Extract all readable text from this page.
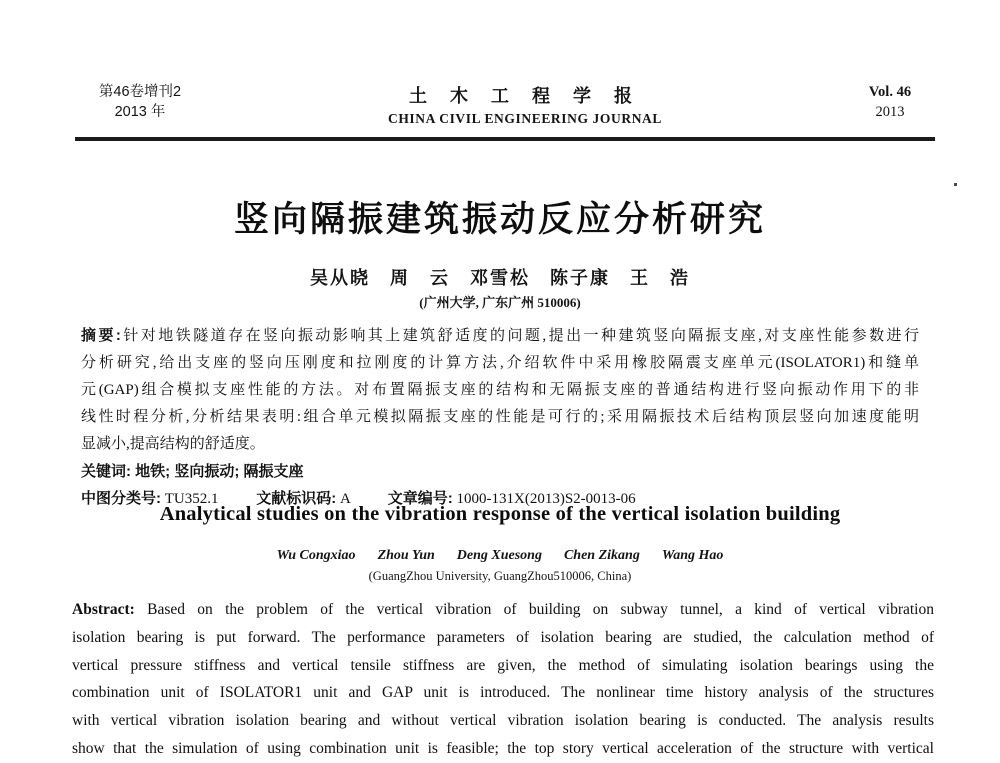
第46卷增刊2
2013 年
土 木 工 程 学 报
CHINA CIVIL ENGINEERING JOURNAL
Vol. 46
2013
竖向隔振建筑振动反应分析研究
吴从晓　周　云　邓雪松　陈子康　王　浩
(广州大学, 广东广州 510006)
摘要:针对地铁隧道存在竖向振动影响其上建筑舒适度的问题,提出一种建筑竖向隔振支座,对支座性能参数进行
分析研究,给出支座的竖向压刚度和拉刚度的计算方法,介绍软件中采用橡胶隔震支座单元(ISOLATOR1)和缝单
元(GAP)组合模拟支座性能的方法。对布置隔振支座的结构和无隔振支座的普通结构进行竖向振动作用下的非
线性时程分析,分析结果表明:组合单元模拟隔振支座的性能是可行的;采用隔振技术后结构顶层竖向加速度能明
显减小,提高结构的舒适度。
关键词: 地铁; 竖向振动; 隔振支座
中图分类号: TU352.1	文献标识码: A	文章编号: 1000-131X(2013)S2-0013-06
Analytical studies on the vibration response of the vertical isolation building
Wu Congxiao Zhou Yun Deng Xuesong Chen Zikang Wang Hao
(GuangZhou University, GuangZhou510006, China)
Abstract: Based on the problem of the vertical vibration of building on subway tunnel, a kind of vertical vibration
isolation bearing is put forward. The performance parameters of isolation bearing are studied, the calculation method of
vertical pressure stiffness and vertical tensile stiffness are given, the method of simulating isolation bearings using the
combination unit of ISOLATOR1 unit and GAP unit is introduced. The nonlinear time history analysis of the structures
with vertical vibration isolation bearing and without vertical vibration isolation bearing is conducted. The analysis results
show that the simulation of using combination unit is feasible; the top story vertical acceleration of the structure with vertical
